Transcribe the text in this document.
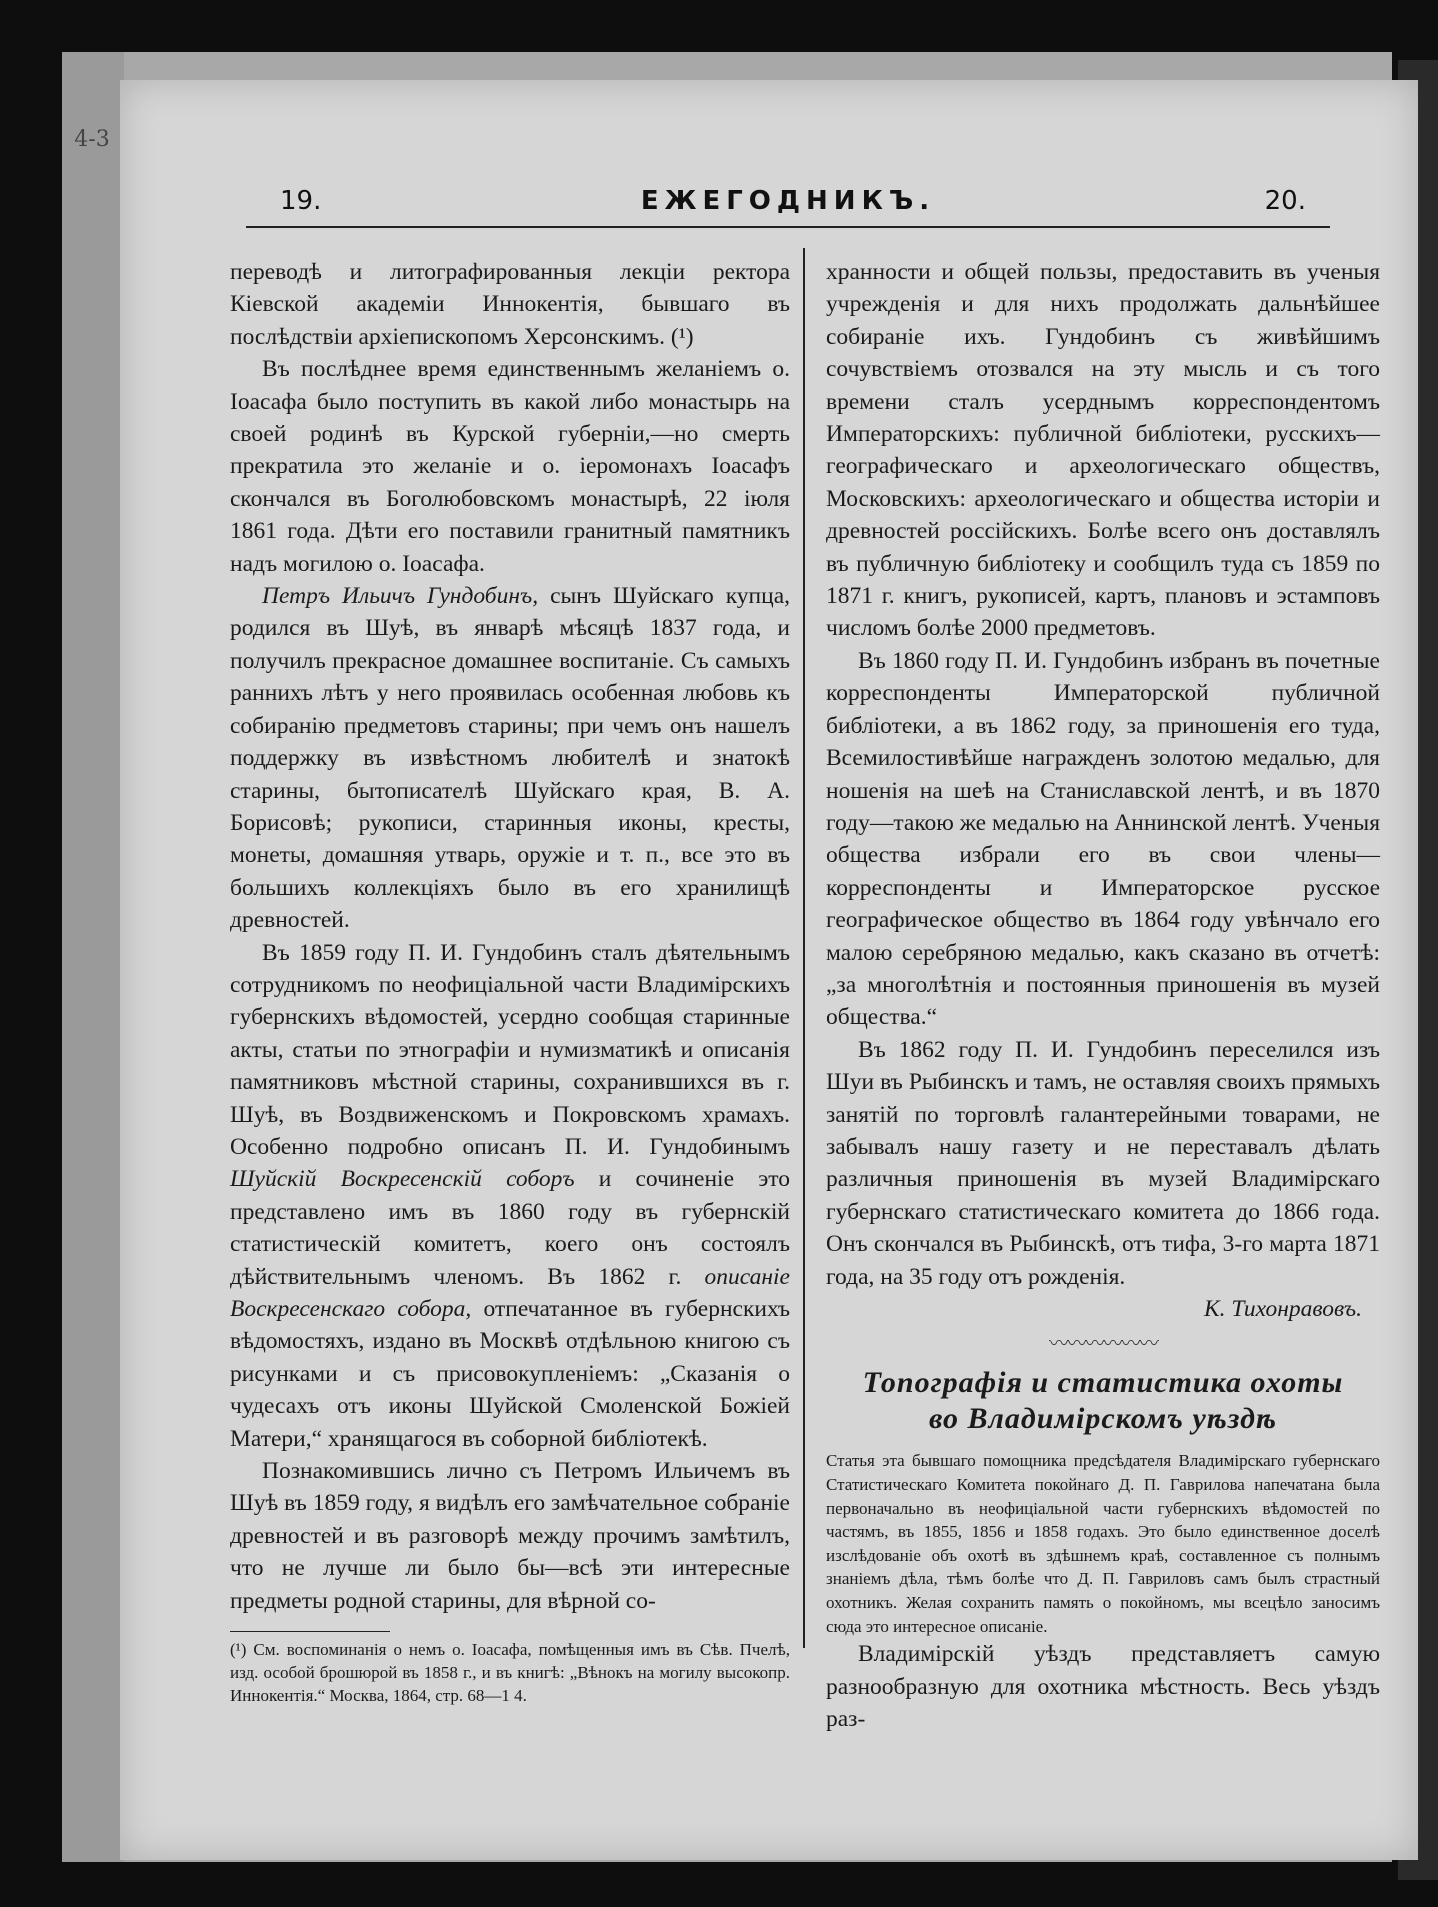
4-3
19.	ЕЖЕГОДНИКЪ.	20.

переводѣ и литографированныя лекціи ректора Кіевской академіи Иннокентія, бывшаго въ послѣдствіи архіепископомъ Херсонскимъ. (¹)

Въ послѣднее время единственнымъ желаніемъ о. Іоасафа было поступить въ какой либо монастырь на своей родинѣ въ Курской губерніи,—но смерть прекратила это желаніе и о. іеромонахъ Іоасафъ скончался въ Боголюбовскомъ монастырѣ, 22 іюля 1861 года. Дѣти его поставили гранитный памятникъ надъ могилою о. Іоасафа.

Петръ Ильичъ Гундобинъ, сынъ Шуйскаго купца, родился въ Шуѣ, въ январѣ мѣсяцѣ 1837 года, и получилъ прекрасное домашнее воспитаніе. Съ самыхъ раннихъ лѣтъ у него проявилась особенная любовь къ собиранію предметовъ старины; при чемъ онъ нашелъ поддержку въ извѣстномъ любителѣ и знатокѣ старины, бытописателѣ Шуйскаго края, В. А. Борисовѣ; рукописи, старинныя иконы, кресты, монеты, домашняя утварь, оружіе и т. п., все это въ большихъ коллекціяхъ было въ его хранилищѣ древностей.

Въ 1859 году П. И. Гундобинъ сталъ дѣятельнымъ сотрудникомъ по неофиціальной части Владимірскихъ губернскихъ вѣдомостей, усердно сообщая старинные акты, статьи по этнографіи и нумизматикѣ и описанія памятниковъ мѣстной старины, сохранившихся въ г. Шуѣ, въ Воздвиженскомъ и Покровскомъ храмахъ. Особенно подробно описанъ П. И. Гундобинымъ Шуйскій Воскресенскій соборъ и сочиненіе это представлено имъ въ 1860 году въ губернскій статистическій комитетъ, коего онъ состоялъ дѣйствительнымъ членомъ. Въ 1862 г. описаніе Воскресенскаго собора, отпечатанное въ губернскихъ вѣдомостяхъ, издано въ Москвѣ отдѣльною книгою съ рисунками и съ присовокупленіемъ: „Сказанія о чудесахъ отъ иконы Шуйской Смоленской Божіей Матери,“ хранящагося въ соборной библіотекѣ.

Познакомившись лично съ Петромъ Ильичемъ въ Шуѣ въ 1859 году, я видѣлъ его замѣчательное собраніе древностей и въ разговорѣ между прочимъ замѣтилъ, что не лучше ли было бы—всѣ эти интересные предметы родной старины, для вѣрной со-

(¹) См. воспоминанія о немъ о. Іоасафа, помѣщенныя имъ въ Сѣв. Пчелѣ, изд. особой брошюрой въ 1858 г., и въ книгѣ: „Вѣнокъ на могилу высокопр. Иннокентія.“ Москва, 1864, стр. 68—1 4.

хранности и общей пользы, предоставить въ ученыя учрежденія и для нихъ продолжать дальнѣйшее собираніе ихъ. Гундобинъ съ живѣйшимъ сочувствіемъ отозвался на эту мысль и съ того времени сталъ усерднымъ корреспондентомъ Императорскихъ: публичной библіотеки, русскихъ—географическаго и археологическаго обществъ, Московскихъ: археологическаго и общества исторіи и древностей россійскихъ. Болѣе всего онъ доставлялъ въ публичную библіотеку и сообщилъ туда съ 1859 по 1871 г. книгъ, рукописей, картъ, плановъ и эстамповъ числомъ болѣе 2000 предметовъ.

Въ 1860 году П. И. Гундобинъ избранъ въ почетные корреспонденты Императорской публичной библіотеки, а въ 1862 году, за приношенія его туда, Всемилостивѣйше награжденъ золотою медалью, для ношенія на шеѣ на Станиславской лентѣ, и въ 1870 году—такою же медалью на Аннинской лентѣ. Ученыя общества избрали его въ свои члены—корреспонденты и Императорское русское географическое общество въ 1864 году увѣнчало его малою серебряною медалью, какъ сказано въ отчетѣ: „за многолѣтнія и постоянныя приношенія въ музей общества.“

Въ 1862 году П. И. Гундобинъ переселился изъ Шуи въ Рыбинскъ и тамъ, не оставляя своихъ прямыхъ занятій по торговлѣ галантерейными товарами, не забывалъ нашу газету и не переставалъ дѣлать различныя приношенія въ музей Владимірскаго губернскаго статистическаго комитета до 1866 года. Онъ скончался въ Рыбинскѣ, отъ тифа, 3-го марта 1871 года, на 35 году отъ рожденія.

К. Тихонравовъ.

〰〰〰〰〰〰
Топографія и статистика охоты
во Владимірскомъ уѣздѣ

Статья эта бывшаго помощника предсѣдателя Владимірскаго губернскаго Статистическаго Комитета покойнаго Д. П. Гаврилова напечатана была первоначально въ неофиціальной части губернскихъ вѣдомостей по частямъ, въ 1855, 1856 и 1858 годахъ. Это было единственное доселѣ изслѣдованіе объ охотѣ въ здѣшнемъ краѣ, составленное съ полнымъ знаніемъ дѣла, тѣмъ болѣе что Д. П. Гавриловъ самъ былъ страстный охотникъ. Желая сохранить память о покойномъ, мы всецѣло заносимъ сюда это интересное описаніе.

Владимірскій уѣздъ представляетъ самую разнообразную для охотника мѣстность. Весь уѣздъ раз-
